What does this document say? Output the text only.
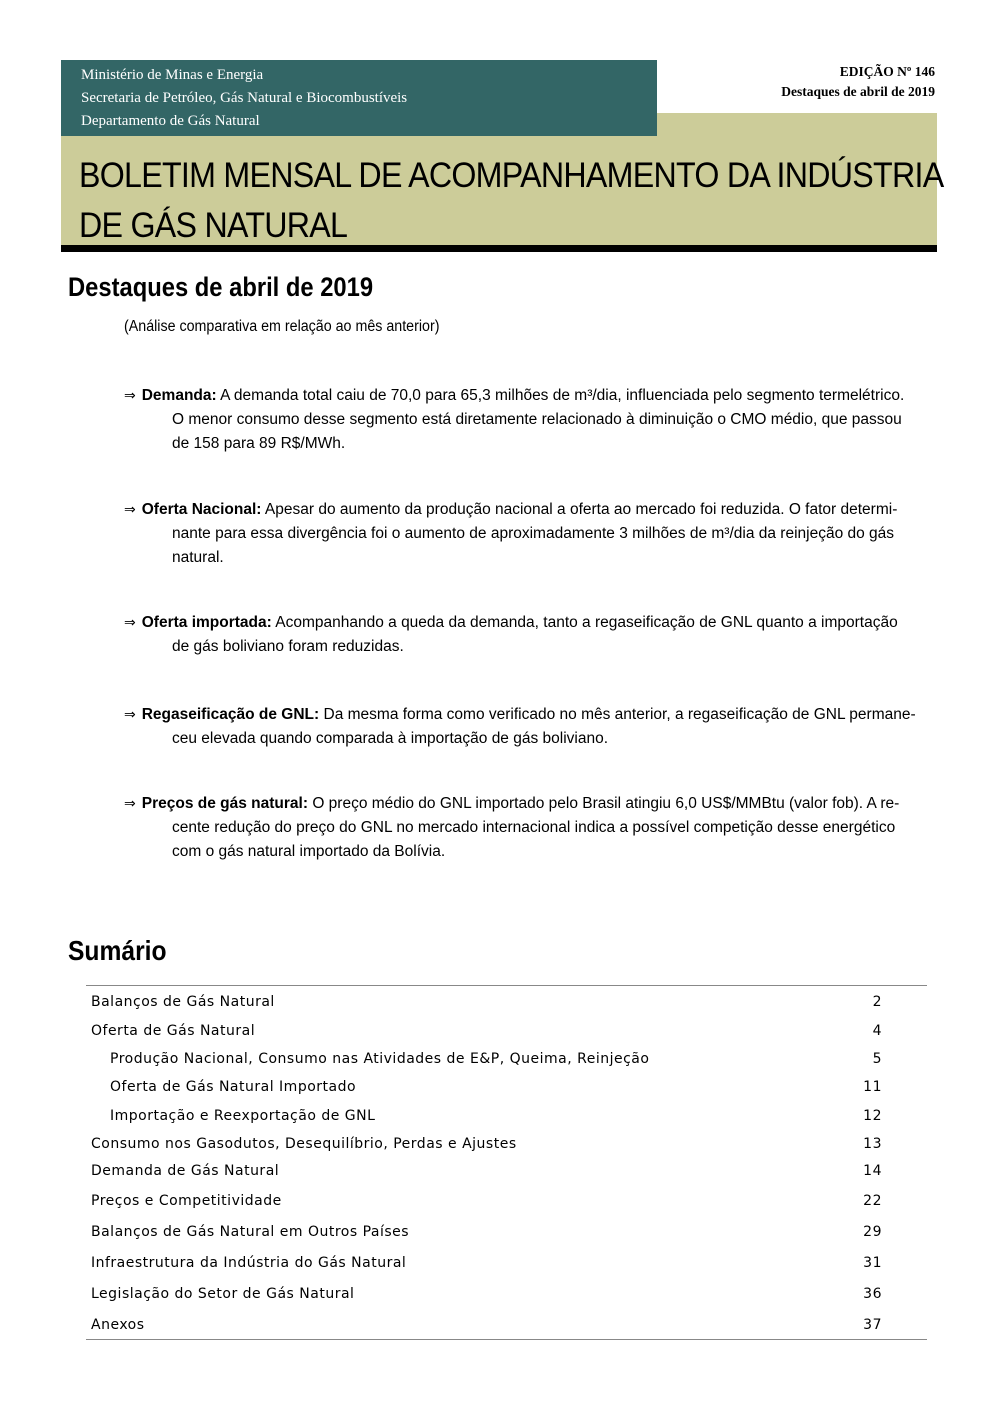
BOLETIM MENSAL DE ACOMPANHAMENTO DA INDÚSTRIA
DE GÁS NATURAL
Ministério de Minas e Energia
Secretaria de Petróleo, Gás Natural e Biocombustíveis
Departamento de Gás Natural
EDIÇÃO Nº 146
Destaques de abril de 2019
Destaques de abril de 2019
(Análise comparativa em relação ao mês anterior)
⇒ Demanda: A demanda total caiu de 70,0 para 65,3 milhões de m³/dia, influenciada pelo segmento termelétrico.
O menor consumo desse segmento está diretamente relacionado à diminuição o CMO médio, que passou
de 158 para 89 R$/MWh.
⇒ Oferta Nacional: Apesar do aumento da produção nacional a oferta ao mercado foi reduzida. O fator determi-
nante para essa divergência foi o aumento de aproximadamente 3 milhões de m³/dia da reinjeção do gás
natural.
⇒ Oferta importada: Acompanhando a queda da demanda, tanto a regaseificação de GNL quanto a importação
de gás boliviano foram reduzidas.
⇒ Regaseificação de GNL: Da mesma forma como verificado no mês anterior, a regaseificação de GNL permane-
ceu elevada quando comparada à importação de gás boliviano.
⇒ Preços de gás natural: O preço médio do GNL importado pelo Brasil atingiu 6,0 US$/MMBtu (valor fob). A re-
cente redução do preço do GNL no mercado internacional indica a possível competição desse energético
com o gás natural importado da Bolívia.
Sumário
Balanços de Gás Natural	2
Oferta de Gás Natural	4
Produção Nacional, Consumo nas Atividades de E&P, Queima, Reinjeção	5
Oferta de Gás Natural Importado	11
Importação e Reexportação de GNL	12
Consumo nos Gasodutos, Desequilíbrio, Perdas e Ajustes	13
Demanda de Gás Natural	14
Preços e Competitividade	22
Balanços de Gás Natural em Outros Países	29
Infraestrutura da Indústria do Gás Natural	31
Legislação do Setor de Gás Natural	36
Anexos	37
